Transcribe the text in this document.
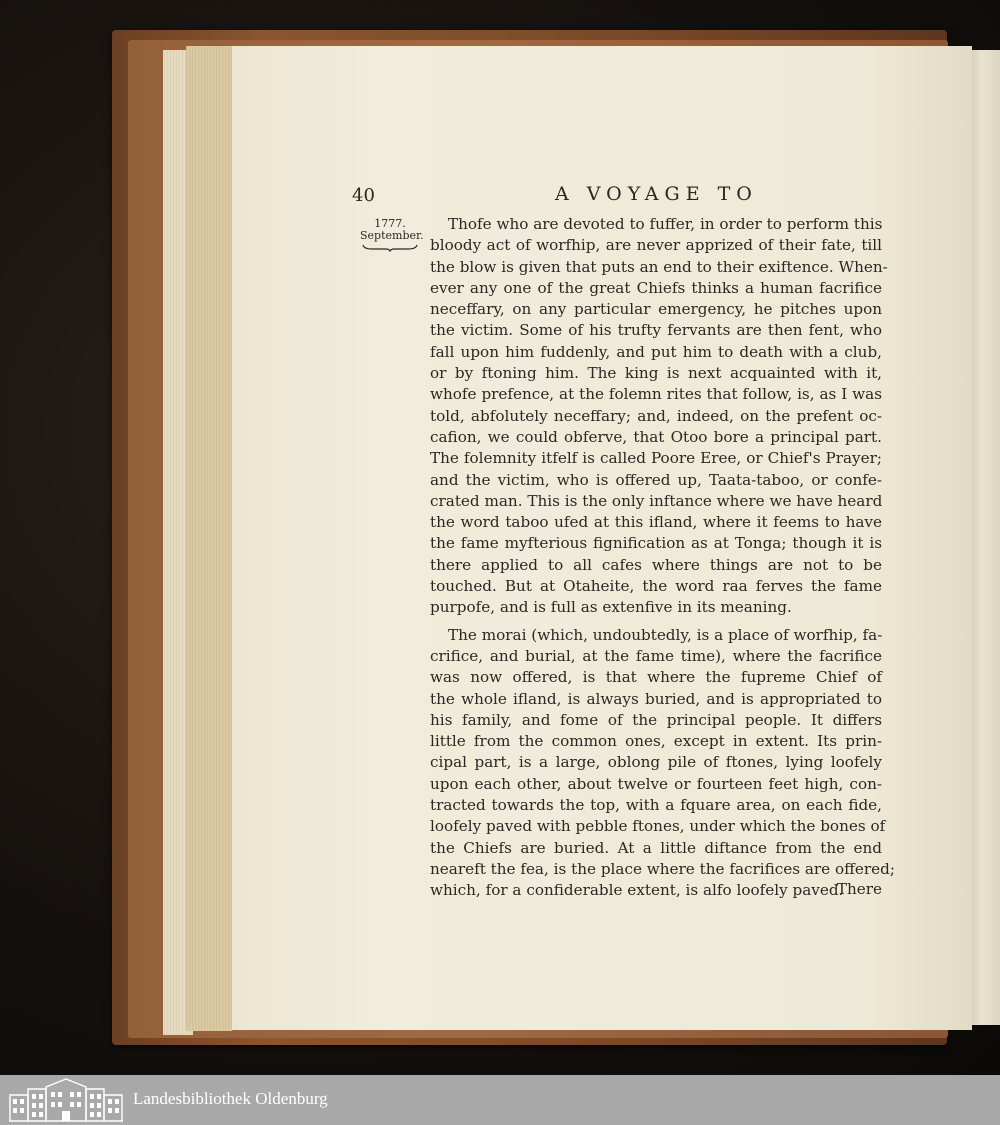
40	A VOYAGE TO
1777.
September.
Thofe who are devoted to fuffer, in order to perform this
bloody act of worfhip, are never apprized of their fate, till
the blow is given that puts an end to their exiftence. When-
ever any one of the great Chiefs thinks a human facrifice
neceffary, on any particular emergency, he pitches upon
the victim. Some of his trufty fervants are then fent, who
fall upon him fuddenly, and put him to death with a club,
or by ftoning him. The king is next acquainted with it,
whofe prefence, at the folemn rites that follow, is, as I was
told, abfolutely neceffary; and, indeed, on the prefent oc-
cafion, we could obferve, that Otoo bore a principal part.
The folemnity itfelf is called Poore Eree, or Chief's Prayer;
and the victim, who is offered up, Taata-taboo, or confe-
crated man. This is the only inftance where we have heard
the word taboo ufed at this ifland, where it feems to have
the fame myfterious fignification as at Tonga; though it is
there applied to all cafes where things are not to be
touched. But at Otaheite, the word raa ferves the fame
purpofe, and is full as extenfive in its meaning.
The morai (which, undoubtedly, is a place of worfhip, fa-
crifice, and burial, at the fame time), where the facrifice
was now offered, is that where the fupreme Chief of
the whole ifland, is always buried, and is appropriated to
his family, and fome of the principal people. It differs
little from the common ones, except in extent. Its prin-
cipal part, is a large, oblong pile of ftones, lying loofely
upon each other, about twelve or fourteen feet high, con-
tracted towards the top, with a fquare area, on each fide,
loofely paved with pebble ftones, under which the bones of
the Chiefs are buried. At a little diftance from the end
neareft the fea, is the place where the facrifices are offered;
which, for a confiderable extent, is alfo loofely paved.
There
Landesbibliothek Oldenburg
